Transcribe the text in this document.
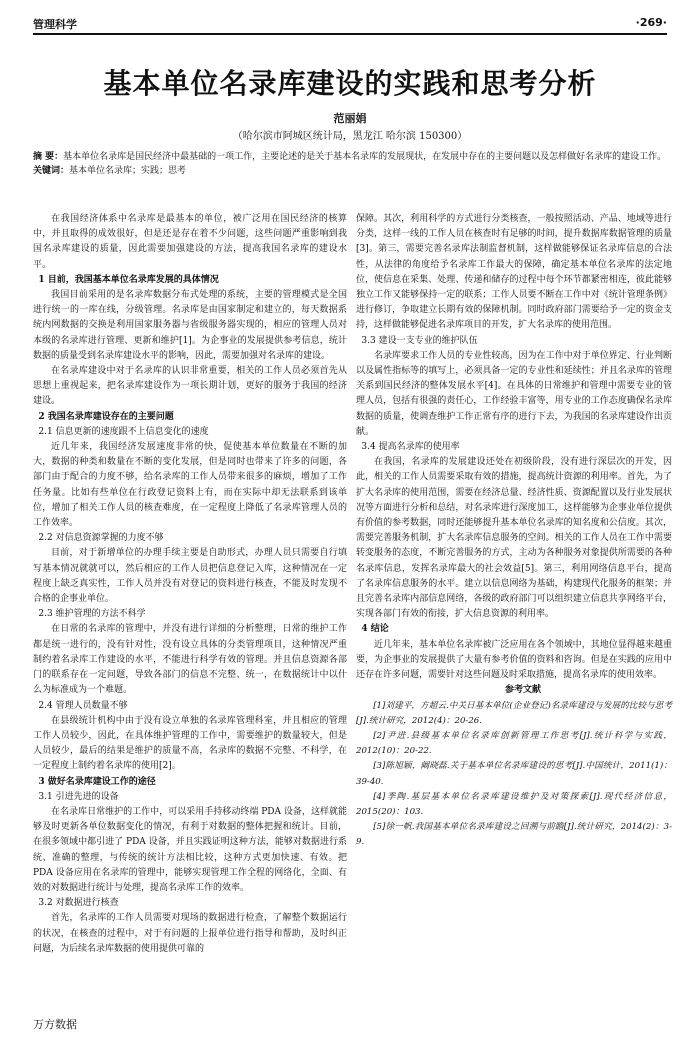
管理科学	·269·
基本单位名录库建设的实践和思考分析
范丽娟
（哈尔滨市阿城区统计局，黑龙江 哈尔滨 150300）
摘 要：基本单位名录库是国民经济中最基础的一项工作，主要论述的是关于基本名录库的发展现状，在发展中存在的主要问题以及怎样做好名录库的建设工作。
关键词：基本单位名录库；实践；思考

在我国经济体系中名录库是最基本的单位，被广泛用在国民经济的核算中，并且取得的成效很好，但是还是存在着不少问题，这些问题严重影响到我国名录库建设的质量，因此需要加强建设的方法，提高我国名录库的建设水平。

1 目前，我国基本单位名录库发展的具体情况

我国目前采用的是名录库数据分布式处理的系统，主要的管理模式是全国进行统一的一库在线，分级管理。名录库是由国家制定和建立的，每天数据系统内网数据的交换是利用国家服务器与省级服务器实现的，相应的管理人员对本级的名录库进行管理、更新和维护[1]。为企事业的发展提供参考信息，统计数据的质量受到名录库建设水平的影响，因此，需要加强对名录库的建设。

在名录库建设中对于名录库的认识非常重要，相关的工作人员必须首先从思想上重视起来，把名录库建设作为一项长期计划，更好的服务于我国的经济建设。

2 我国名录库建设存在的主要问题

2.1 信息更新的速度跟不上信息变化的速度

近几年来，我国经济发展速度非常的快，促使基本单位数量在不断的加大，数据的种类和数量在不断的变化发展，但是同时也带来了许多的问题，各部门由于配合的力度不够，给名录库的工作人员带来很多的麻烦，增加了工作任务量。比如有些单位在行政登记资料上有，而在实际中却无法联系到该单位，增加了相关工作人员的核查难度，在一定程度上降低了名录库管理人员的工作效率。

2.2 对信息资源掌握的力度不够

目前，对于新增单位的办理手续主要是自助形式，办理人员只需要自行填写基本情况就就可以，然后相应的工作人员把信息登记入库，这种情况在一定程度上缺乏真实性，工作人员并没有对登记的资料进行核查，不能及时发现不合格的企事业单位。

2.3 维护管理的方法不科学

在日常的名录库的管理中，并没有进行详细的分析整理，日常的维护工作都是统一进行的，没有针对性，没有设立具体的分类管理项目，这种情况严重制约着名录库工作建设的水平，不能进行科学有效的管理。并且信息资源各部门的联系存在一定问题，导致各部门的信息不完整、统一，在数据统计中以什么为标准成为一个难题。

2.4 管理人员数量不够

在县级统计机构中由于没有设立单独的名录库管理科室，并且相应的管理工作人员较少，因此，在具体维护管理的工作中，需要维护的数量较大，但是人员较少，最后的结果是维护的质量不高，名录库的数据不完整、不科学，在一定程度上制约着名录库的使用[2]。

3 做好名录库建设工作的途径

3.1 引进先进的设备

在名录库日常维护的工作中，可以采用手持移动终端 PDA 设备，这样就能够及时更新各单位数据变化的情况，有利于对数据的整体把握和统计。目前，在很多领域中都引进了 PDA 设备，并且实践证明这种方法，能够对数据进行系统、准确的整理，与传统的统计方法相比较，这种方式更加快速、有效。把 PDA 设备应用在名录库的管理中，能够实现管理工作全程的网络化，全面、有效的对数据进行统计与处理，提高名录库工作的效率。

3.2 对数据进行核查

首先，名录库的工作人员需要对现场的数据进行检查，了解整个数据运行的状况，在核查的过程中，对于有问题的上报单位进行指导和帮助，及时纠正问题，为后续名录库数据的使用提供可靠的

保障。其次，利用科学的方式进行分类核查，一般按照活动、产品、地域等进行分类，这样一线的工作人员在核查时有足够的时间，提升数据库数据管理的质量[3]。第三，需要完善名录库法制监督机制，这样做能够保证名录库信息的合法性，从法律的角度给予名录库工作最大的保障，确定基本单位名录库的法定地位，使信息在采集、处理、传递和储存的过程中每个环节都紧密相连，彼此能够独立工作又能够保持一定的联系；工作人员要不断在工作中对《统计管理条例》进行修订，争取建立长期有效的保障机制。同时政府部门需要给予一定的资金支持，这样做能够促进名录库项目的开发，扩大名录库的使用范围。

3.3 建设一支专业的维护队伍

名录库要求工作人员的专业性较高，因为在工作中对于单位界定、行业判断以及属性指标等的填写上，必须具备一定的专业性和延续性；并且名录库的管理关系到国民经济的整体发展水平[4]。在具体的日常维护和管理中需要专业的管理人员，包括有很强的责任心，工作经验丰富等，用专业的工作态度确保名录库数据的质量，使调查维护工作正常有序的进行下去，为我国的名录库建设作出贡献。

3.4 提高名录库的使用率

在我国，名录库的发展建设还处在初级阶段，没有进行深层次的开发，因此，相关的工作人员需要采取有效的措施，提高统计资源的利用率。首先，为了扩大名录库的使用范围，需要在经济总量、经济性质、资源配置以及行业发展状况等方面进行分析和总结，对名录库进行深度加工，这样能够为企事业单位提供有价值的参考数据，同时还能够提升基本单位名录库的知名度和公信度。其次，需要完善服务机制，扩大名录库信息服务的空间。相关的工作人员在工作中需要转变服务的态度，不断完善服务的方式，主动为各种服务对象提供所需要的各种名录库信息，发挥名录库最大的社会效益[5]。第三，利用网络信息平台，提高了名录库信息服务的水平。建立以信息网络为基础，构建现代化服务的框架；并且完善名录库内部信息网络，各级的政府部门可以组织建立信息共享网络平台，实现各部门有效的衔接，扩大信息资源的利用率。

4 结论

近几年来，基本单位名录库被广泛应用在各个领域中，其地位显得越来越重要，为企事业的发展提供了大量有参考价值的资料和咨询。但是在实践的应用中还存在许多问题，需要针对这些问题及时采取措施，提高名录库的使用效率。

参考文献

[1]刘建平，方超云.中关日基本单位(企业登记)名录库建设与发展的比较与思考[J].统计研究，2012(4)：20-26.

[2]尹进.县级基本单位名录库创新管理工作思考[J].统计科学与实践，2012(10)：20-22.

[3]陈旭颖，阚晓磊.关于基本单位名录库建设的思考[J].中国统计，2011(1)：39-40.

[4]季陶.基层基本单位名录库建设维护及对策探索[J].现代经济信息，2015(20)：103.

[5]徐一帆.我国基本单位名录库建设之回溯与前瞻[J].统计研究，2014(2)：3-9.

万方数据
